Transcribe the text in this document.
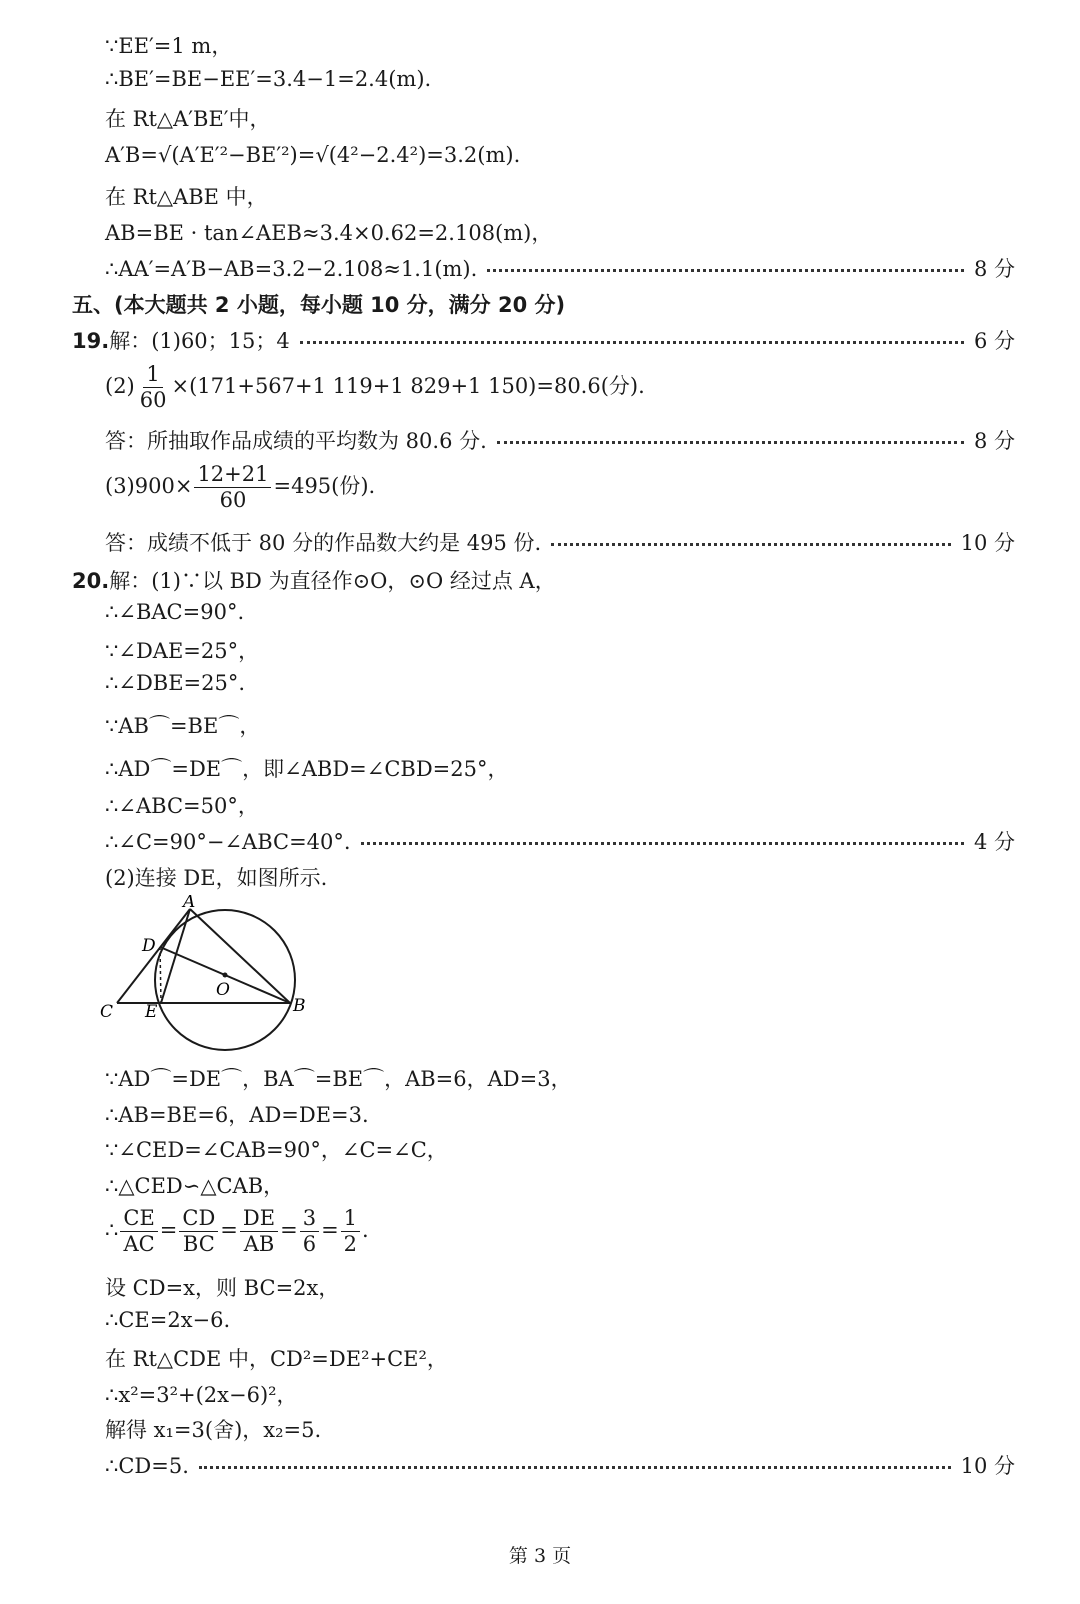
∵EE′=1 m，
∴BE′=BE−EE′=3.4−1=2.4(m).
在 Rt△A′BE′中，
A′B=√(A′E′²−BE′²)=√(4²−2.4²)=3.2(m).
在 Rt△ABE 中，
AB=BE · tan∠AEB≈3.4×0.62=2.108(m)，
∴AA′=A′B−AB=3.2−2.108≈1.1(m).	8 分
五、(本大题共 2 小题，每小题 10 分，满分 20 分)
19. 解：(1)60；15；4	6 分
$(2) \frac{1}{60} \times(171+567+1$ 119+1 829+1 150)=80.6(分).
答：所抽取作品成绩的平均数为 80.6 分.	8 分
$(3)900\times \frac{12+21}{60} =495$(份).
答：成绩不低于 80 分的作品数大约是 495 份.	10 分
20.解：(1)∵以 BD 为直径作⊙O，⊙O 经过点 A，
∴∠BAC=90°.
∵∠DAE=25°，
∴∠DBE=25°.
∵AB⌒=BE⌒，
∴AD⌒=DE⌒，即∠ABD=∠CBD=25°，
∴∠ABC=50°，
∴∠C=90°−∠ABC=40°.	4 分
(2)连接 DE，如图所示.
A
D
O
B
C E
∵AD⌒=DE⌒，BA⌒=BE⌒，AB=6，AD=3，
∴AB=BE=6，AD=DE=3.
∵∠CED=∠CAB=90°，∠C=∠C，
∴△CED∽△CAB，
∴ $\frac{CE}{AC} = \frac{CD}{BC} = \frac{DE}{AB} = \frac{3}{6} = \frac{1}{2}$ .
设 CD=x，则 BC=2x，
∴CE=2x−6.
在 Rt△CDE 中，CD²=DE²+CE²，
∴x²=3²+(2x−6)²，
解得 x₁=3(舍)，x₂=5.
∴CD=5.	10 分
第 3 页
